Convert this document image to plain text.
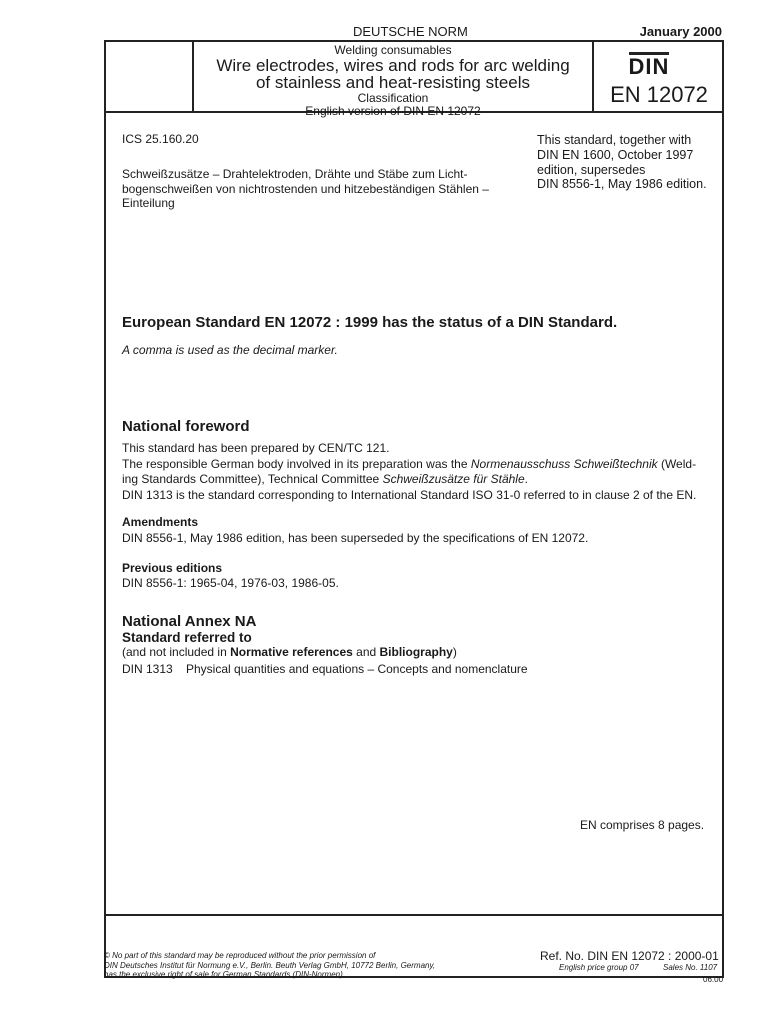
DEUTSCHE NORM	January 2000
Welding consumables
Wire electrodes, wires and rods for arc welding
of stainless and heat-resisting steels
Classification
English version of DIN EN 12072
DIN
EN 12072
ICS 25.160.20	This standard, together with
DIN EN 1600, October 1997
edition, supersedes
DIN 8556-1, May 1986 edition.
Schweißzusätze – Drahtelektroden, Drähte und Stäbe zum Licht-
bogenschweißen von nichtrostenden und hitzebeständigen Stählen –
Einteilung
European Standard EN 12072 : 1999 has the status of a DIN Standard.
A comma is used as the decimal marker.
National foreword
This standard has been prepared by CEN/TC 121.
The responsible German body involved in its preparation was the Normenausschuss Schweißtechnik (Weld-
ing Standards Committee), Technical Committee Schweißzusätze für Stähle.
DIN 1313 is the standard corresponding to International Standard ISO 31-0 referred to in clause 2 of the EN.
Amendments
DIN 8556-1, May 1986 edition, has been superseded by the specifications of EN 12072.
Previous editions
DIN 8556-1: 1965-04, 1976-03, 1986-05.
National Annex NA
Standard referred to
(and not included in Normative references and Bibliography)
DIN 1313 Physical quantities and equations – Concepts and nomenclature
EN comprises 8 pages.
© No part of this standard may be reproduced without the prior permission of
DIN Deutsches Institut für Normung e.V., Berlin. Beuth Verlag GmbH, 10772 Berlin, Germany,
has the exclusive right of sale for German Standards (DIN-Normen).
Ref. No. DIN EN 12072 : 2000-01
English price group 07	Sales No. 1107
06.00
